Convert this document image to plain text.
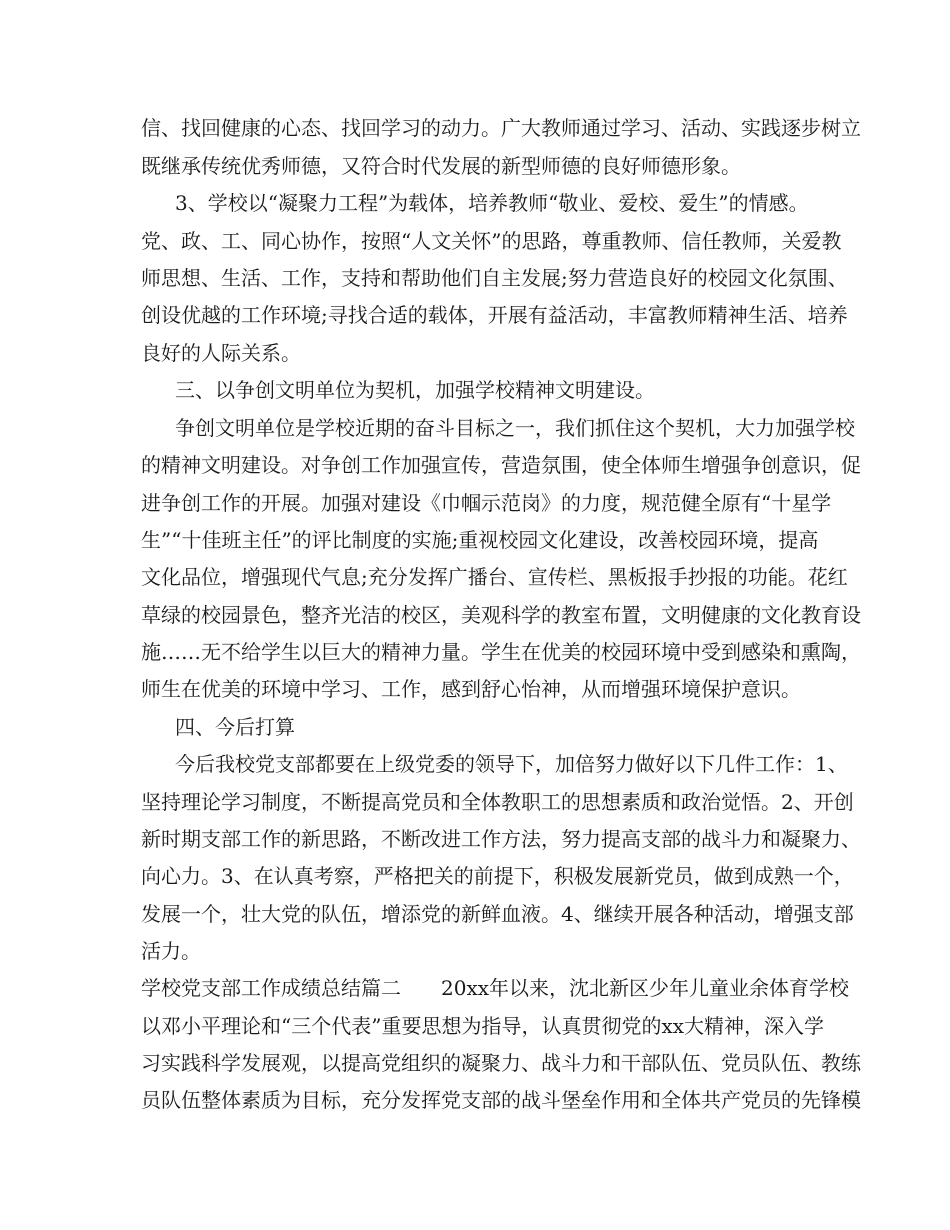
信、找回健康的心态、找回学习的动力。广大教师通过学习、活动、实践逐步树立
既继承传统优秀师德，又符合时代发展的新型师德的良好师德形象。
3、学校以“凝聚力工程”为载体，培养教师“敬业、爱校、爱生”的情感。
党、政、工、同心协作，按照“人文关怀”的思路，尊重教师、信任教师，关爱教
师思想、生活、工作，支持和帮助他们自主发展;努力营造良好的校园文化氛围、
创设优越的工作环境;寻找合适的载体，开展有益活动，丰富教师精神生活、培养
良好的人际关系。
三、以争创文明单位为契机，加强学校精神文明建设。
争创文明单位是学校近期的奋斗目标之一，我们抓住这个契机，大力加强学校
的精神文明建设。对争创工作加强宣传，营造氛围，使全体师生增强争创意识，促
进争创工作的开展。加强对建设《巾帼示范岗》的力度，规范健全原有“十星学
生”“十佳班主任”的评比制度的实施;重视校园文化建设，改善校园环境，提高
文化品位，增强现代气息;充分发挥广播台、宣传栏、黑板报手抄报的功能。花红
草绿的校园景色，整齐光洁的校区，美观科学的教室布置，文明健康的文化教育设
施……无不给学生以巨大的精神力量。学生在优美的校园环境中受到感染和熏陶，
师生在优美的环境中学习、工作，感到舒心怡神，从而增强环境保护意识。
四、今后打算
今后我校党支部都要在上级党委的领导下，加倍努力做好以下几件工作：1、
坚持理论学习制度，不断提高党员和全体教职工的思想素质和政治觉悟。2、开创
新时期支部工作的新思路，不断改进工作方法，努力提高支部的战斗力和凝聚力、
向心力。3、在认真考察，严格把关的前提下，积极发展新党员，做到成熟一个，
发展一个，壮大党的队伍，增添党的新鲜血液。4、继续开展各种活动，增强支部
活力。
学校党支部工作成绩总结篇二　　20xx年以来，沈北新区少年儿童业余体育学校
以邓小平理论和“三个代表”重要思想为指导，认真贯彻党的xx大精神，深入学
习实践科学发展观，以提高党组织的凝聚力、战斗力和干部队伍、党员队伍、教练
员队伍整体素质为目标，充分发挥党支部的战斗堡垒作用和全体共产党员的先锋模
